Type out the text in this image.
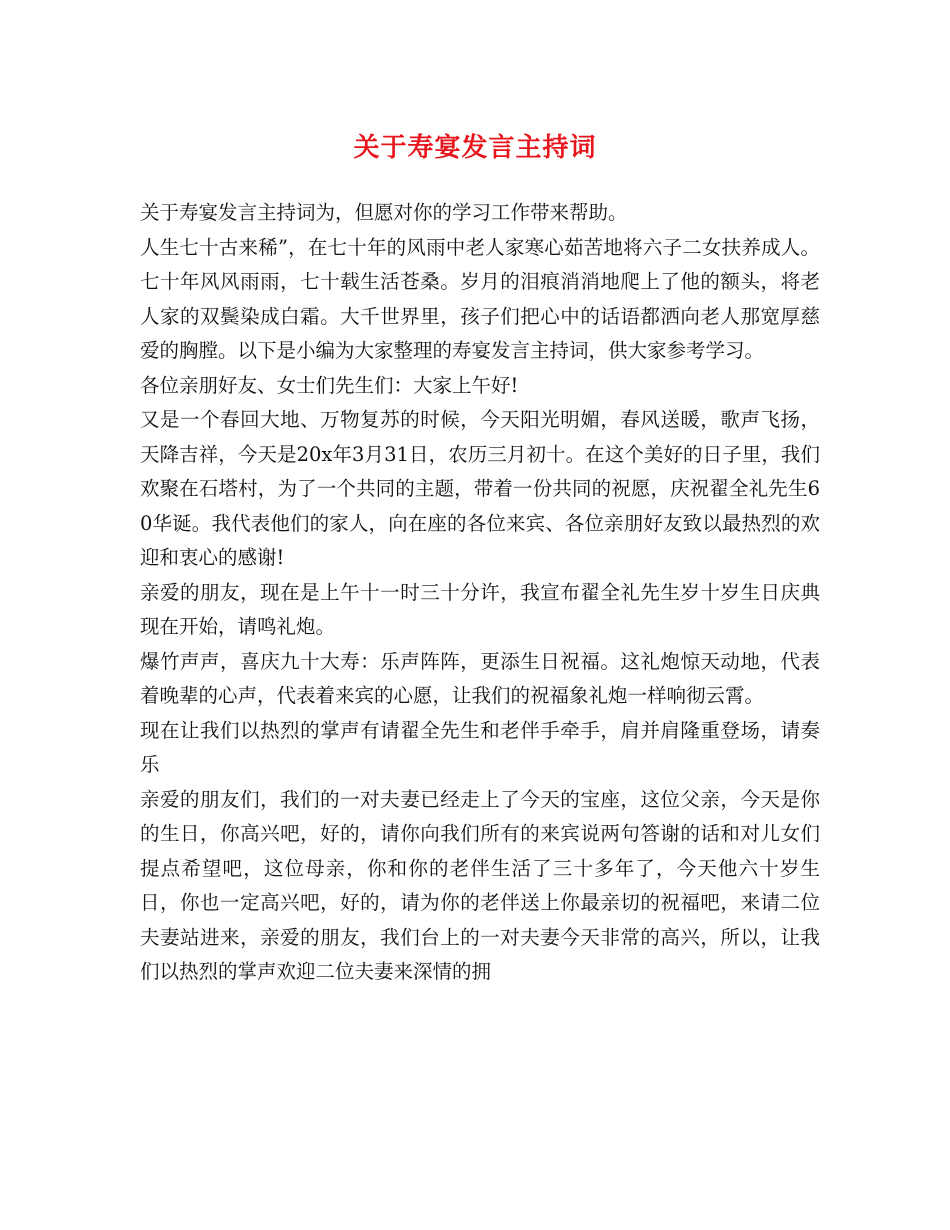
关于寿宴发言主持词

关于寿宴发言主持词为，但愿对你的学习工作带来帮助。

人生七十古来稀”，在七十年的风雨中老人家寒心茹苦地将六子二女扶养成人。七十年风风雨雨，七十载生活苍桑。岁月的泪痕消消地爬上了他的额头，将老人家的双鬓染成白霜。大千世界里，孩子们把心中的话语都洒向老人那宽厚慈爱的胸膛。以下是小编为大家整理的寿宴发言主持词，供大家参考学习。

各位亲朋好友、女士们先生们：大家上午好!

又是一个春回大地、万物复苏的时候，今天阳光明媚，春风送暖，歌声飞扬，天降吉祥，今天是20x年3月31日，农历三月初十。在这个美好的日子里，我们欢聚在石塔村，为了一个共同的主题，带着一份共同的祝愿，庆祝翟全礼先生60华诞。我代表他们的家人，向在座的各位来宾、各位亲朋好友致以最热烈的欢迎和衷心的感谢!

亲爱的朋友，现在是上午十一时三十分许，我宣布翟全礼先生岁十岁生日庆典现在开始，请鸣礼炮。

爆竹声声，喜庆九十大寿：乐声阵阵，更添生日祝福。这礼炮惊天动地，代表着晚辈的心声，代表着来宾的心愿，让我们的祝福象礼炮一样响彻云霄。

现在让我们以热烈的掌声有请翟全先生和老伴手牵手，肩并肩隆重登场，请奏乐

亲爱的朋友们，我们的一对夫妻已经走上了今天的宝座，这位父亲，今天是你的生日，你高兴吧，好的，请你向我们所有的来宾说两句答谢的话和对儿女们提点希望吧，这位母亲，你和你的老伴生活了三十多年了，今天他六十岁生日，你也一定高兴吧，好的，请为你的老伴送上你最亲切的祝福吧，来请二位夫妻站进来，亲爱的朋友，我们台上的一对夫妻今天非常的高兴，所以，让我们以热烈的掌声欢迎二位夫妻来深情的拥
